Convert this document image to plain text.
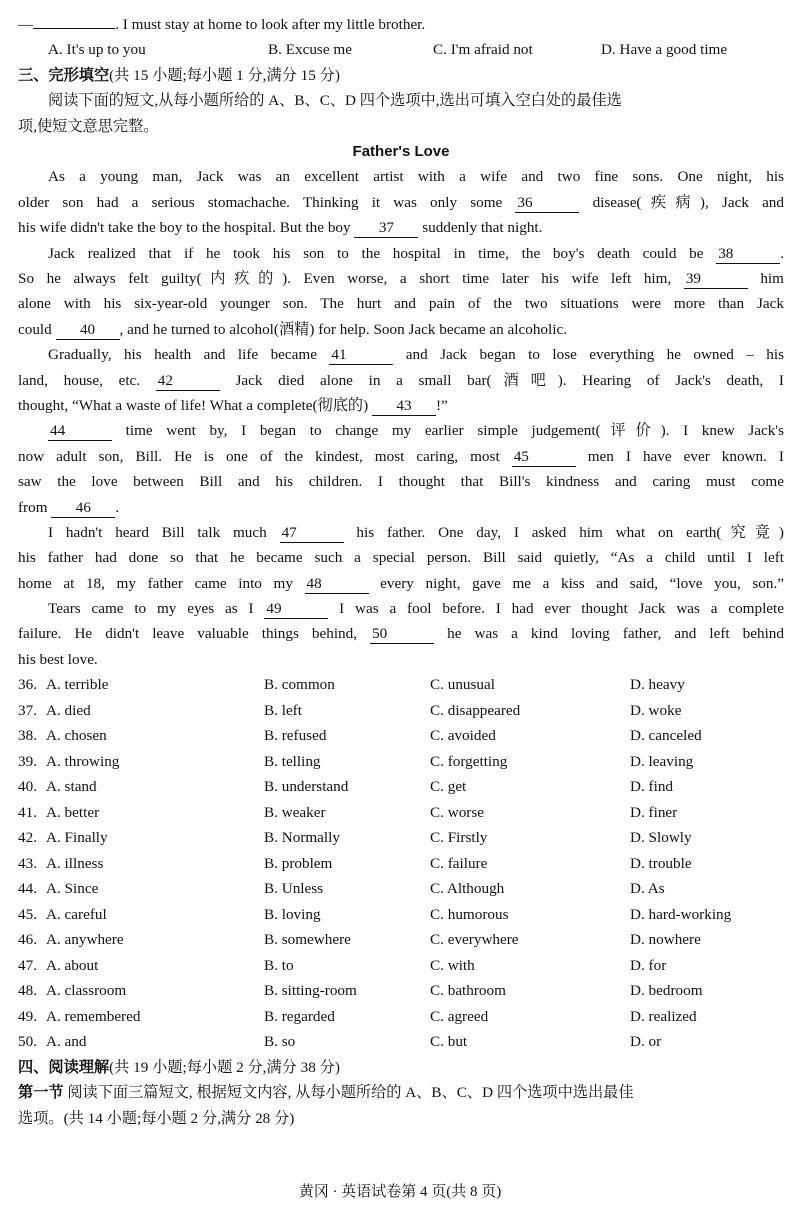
—	. I must stay at home to look after my little brother.
A. It's up to you	B. Excuse me	C. I'm afraid not	D. Have a good time
三、完形填空(共 15 小题;每小题 1 分,满分 15 分)
阅读下面的短文,从每小题所给的 A、B、C、D 四个选项中,选出可填入空白处的最佳选
项,使短文意思完整。
Father's Love
As a young man, Jack was an excellent artist with a wife and two fine sons. One night, his
older son had a serious stomachache. Thinking it was only some 36	disease(疾病), Jack and
his wife didn't take the boy to the hospital. But the boy 37 suddenly that night.
Jack realized that if he took his son to the hospital in time, the boy's death could be 38	.
So he always felt guilty(内疚的). Even worse, a short time later his wife left him, 39	him
alone with his six-year-old younger son. The hurt and pain of the two situations were more than Jack
could 40 , and he turned to alcohol(酒精) for help. Soon Jack became an alcoholic.
Gradually, his health and life became 41	and Jack began to lose everything he owned – his
land, house, etc. 42	Jack died alone in a small bar(酒吧). Hearing of Jack's death, I
thought, “What a waste of life! What a complete(彻底的) 43 !”
44	time went by, I began to change my earlier simple judgement(评价). I knew Jack's
now adult son, Bill. He is one of the kindest, most caring, most 45	men I have ever known. I
saw the love between Bill and his children. I thought that Bill's kindness and caring must come
from 46 .
I hadn't heard Bill talk much 47	his father. One day, I asked him what on earth(究竟)
his father had done so that he became such a special person. Bill said quietly, “As a child until I left
home at 18, my father came into my 48	every night, gave me a kiss and said, “love you, son.”
Tears came to my eyes as I 49	I was a fool before. I had ever thought Jack was a complete
failure. He didn't leave valuable things behind, 50	he was a kind loving father, and left behind
his best love.
36. A. terrible	B. common	C. unusual	D. heavy
37. A. died	B. left	C. disappeared	D. woke
38. A. chosen	B. refused	C. avoided	D. canceled
39. A. throwing	B. telling	C. forgetting	D. leaving
40. A. stand	B. understand	C. get	D. find
41. A. better	B. weaker	C. worse	D. finer
42. A. Finally	B. Normally	C. Firstly	D. Slowly
43. A. illness	B. problem	C. failure	D. trouble
44. A. Since	B. Unless	C. Although	D. As
45. A. careful	B. loving	C. humorous	D. hard-working
46. A. anywhere	B. somewhere	C. everywhere	D. nowhere
47. A. about	B. to	C. with	D. for
48. A. classroom	B. sitting-room	C. bathroom	D. bedroom
49. A. remembered	B. regarded	C. agreed	D. realized
50. A. and	B. so	C. but	D. or
四、阅读理解(共 19 小题;每小题 2 分,满分 38 分)
第一节 阅读下面三篇短文, 根据短文内容, 从每小题所给的 A、B、C、D 四个选项中选出最佳
选项。(共 14 小题;每小题 2 分,满分 28 分)
黄冈 · 英语试卷第 4 页(共 8 页)
